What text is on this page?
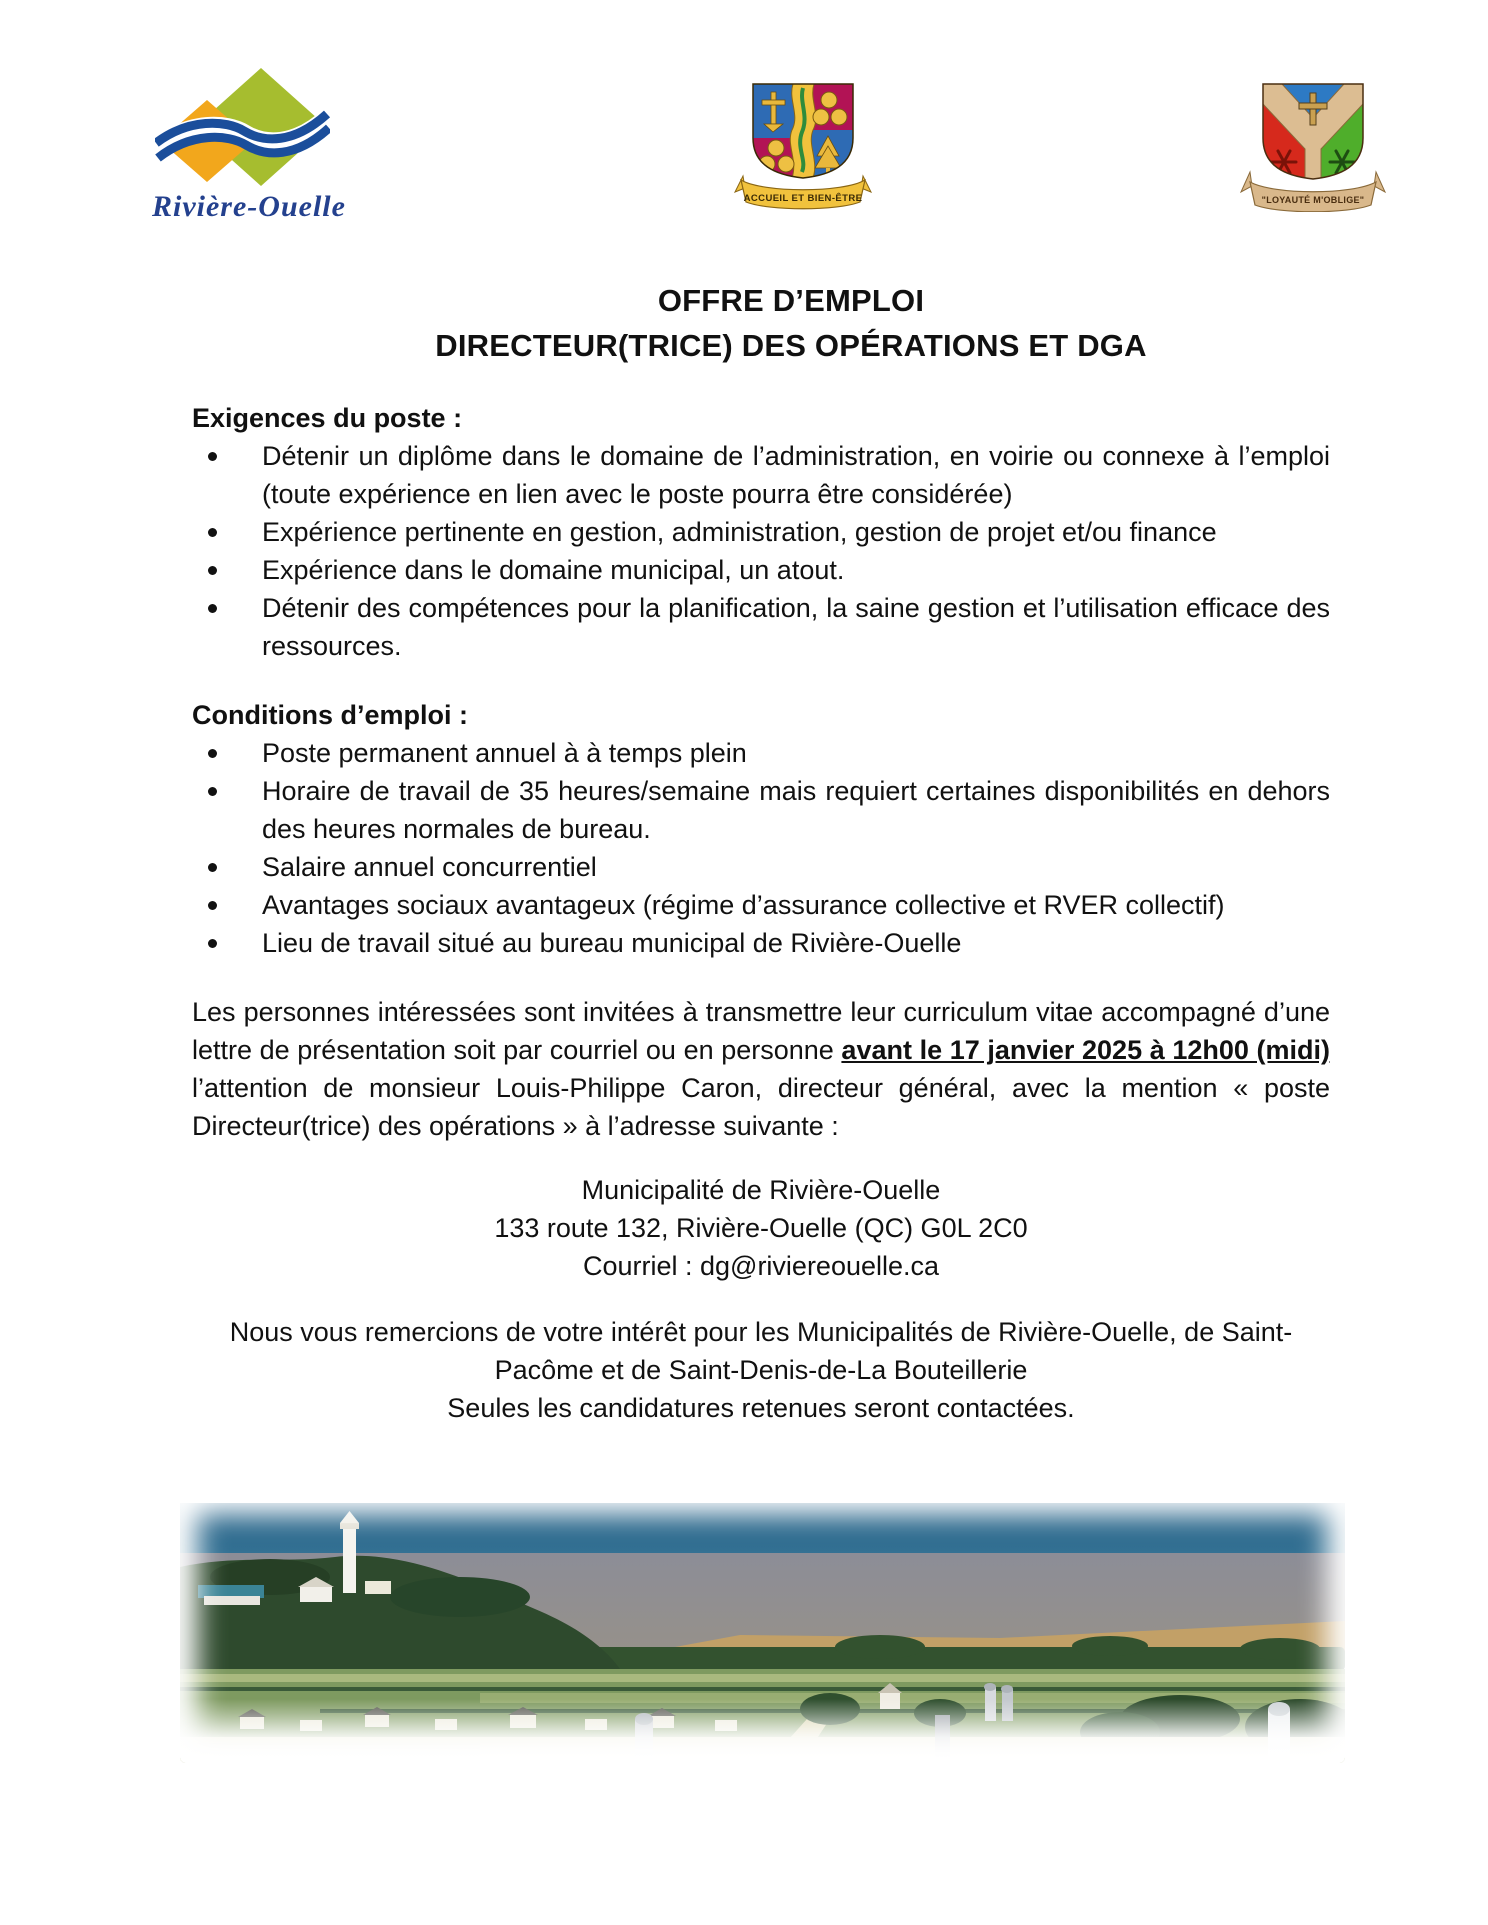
Rivière-Ouelle	ACCUEIL ET BIEN-ÊTRE	"LOYAUTÉ M'OBLIGE"
OFFRE D’EMPLOI
DIRECTEUR(TRICE) DES OPÉRATIONS ET DGA
Exigences du poste :
Détenir un diplôme dans le domaine de l’administration, en voirie ou connexe à l’emploi (toute expérience en lien avec le poste pourra être considérée)
Expérience pertinente en gestion, administration, gestion de projet et/ou finance
Expérience dans le domaine municipal, un atout.
Détenir des compétences pour la planification, la saine gestion et l’utilisation efficace des ressources.
Conditions d’emploi :
Poste permanent annuel à à temps plein
Horaire de travail de 35 heures/semaine mais requiert certaines disponibilités en dehors des heures normales de bureau.
Salaire annuel concurrentiel
Avantages sociaux avantageux (régime d’assurance collective et RVER collectif)
Lieu de travail situé au bureau municipal de Rivière-Ouelle

Les personnes intéressées sont invitées à transmettre leur curriculum vitae accompagné d’une lettre de présentation soit par courriel ou en personne avant le 17 janvier 2025 à 12h00 (midi) l’attention de monsieur Louis-Philippe Caron, directeur général, avec la mention « poste Directeur(trice) des opérations » à l’adresse suivante :

Municipalité de Rivière-Ouelle
133 route 132, Rivière-Ouelle (QC) G0L 2C0
Courriel : dg@riviereouelle.ca
Nous vous remercions de votre intérêt pour les Municipalités de Rivière-Ouelle, de Saint-Pacôme et de Saint-Denis-de-La Bouteillerie
Seules les candidatures retenues seront contactées.
